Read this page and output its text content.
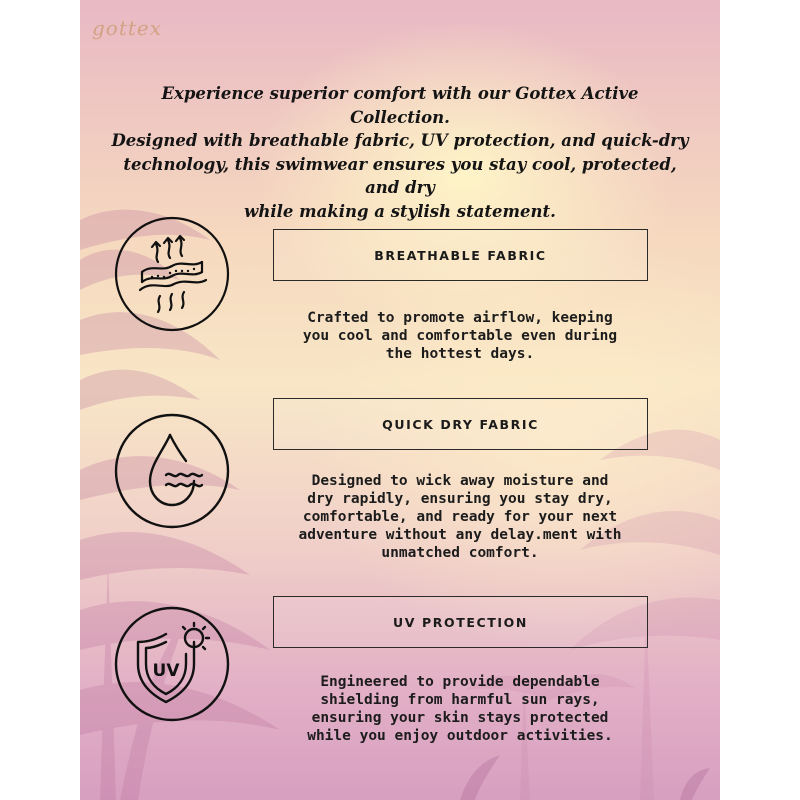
gottex
Experience superior comfort with our Gottex Active Collection.
Designed with breathable fabric, UV protection, and quick-dry
technology, this swimwear ensures you stay cool, protected, and dry
while making a stylish statement.
BREATHABLE FABRIC
Crafted to promote airflow, keeping
you cool and comfortable even during
the hottest days.
QUICK DRY FABRIC
Designed to wick away moisture and
dry rapidly, ensuring you stay dry,
comfortable, and ready for your next
adventure without any delay.ment with
unmatched comfort.
UV
UV PROTECTION
Engineered to provide dependable
shielding from harmful sun rays,
ensuring your skin stays protected
while you enjoy outdoor activities.
